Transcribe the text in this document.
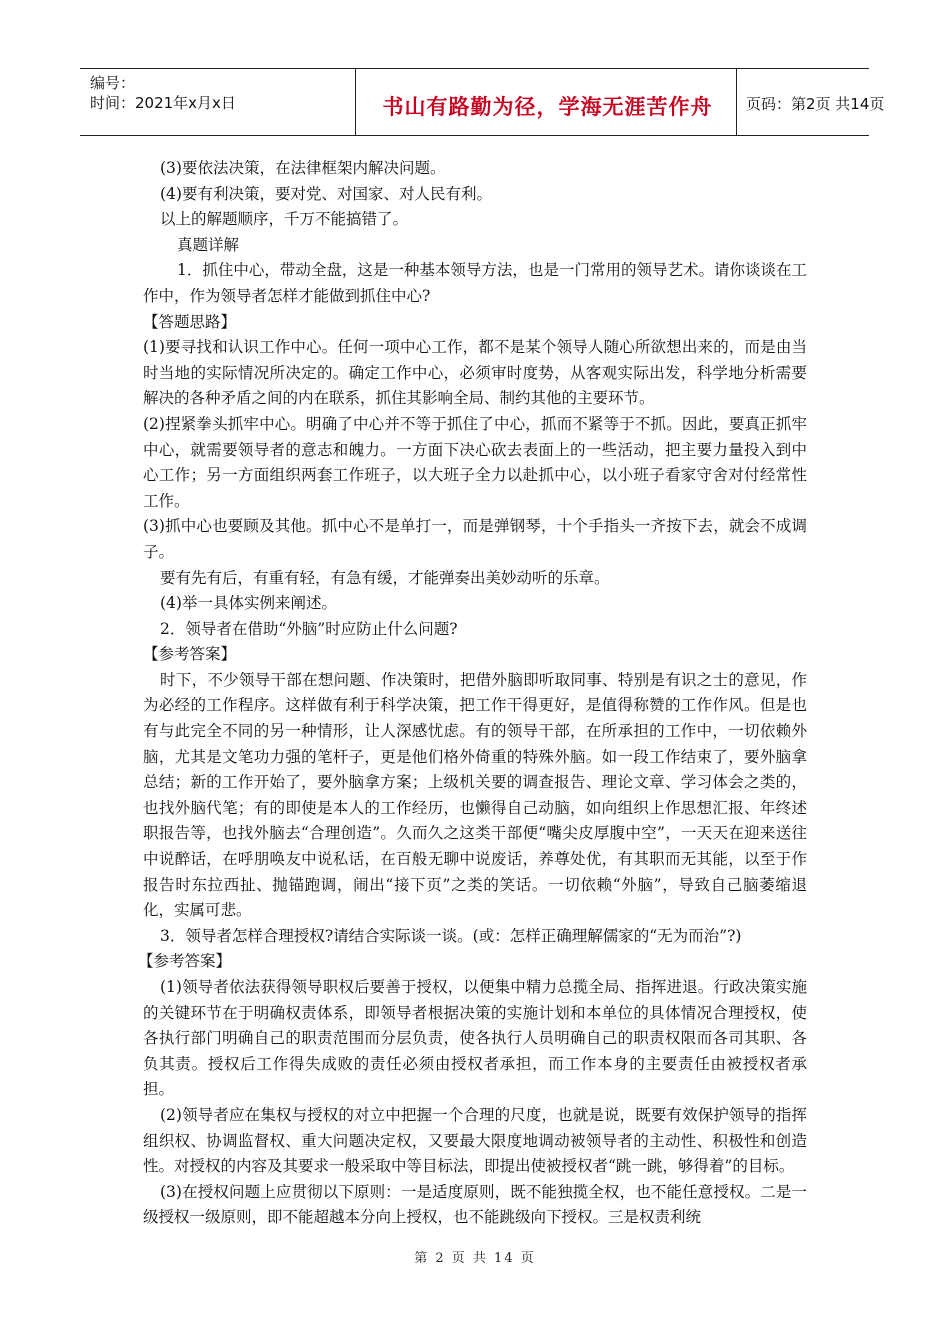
编号：
时间：2021年x月x日	书山有路勤为径，学海无涯苦作舟	页码：第2页 共14页

(3)要依法决策，在法律框架内解决问题。

(4)要有利决策，要对党、对国家、对人民有利。

以上的解题顺序，千万不能搞错了。

真题详解

1．抓住中心，带动全盘，这是一种基本领导方法，也是一门常用的领导艺术。请你谈谈在工作中，作为领导者怎样才能做到抓住中心?

【答题思路】

(1)要寻找和认识工作中心。任何一项中心工作，都不是某个领导人随心所欲想出来的，而是由当时当地的实际情况所决定的。确定工作中心，必须审时度势，从客观实际出发，科学地分析需要解决的各种矛盾之间的内在联系，抓住其影响全局、制约其他的主要环节。

(2)捏紧拳头抓牢中心。明确了中心并不等于抓住了中心，抓而不紧等于不抓。因此，要真正抓牢中心，就需要领导者的意志和魄力。一方面下决心砍去表面上的一些活动，把主要力量投入到中心工作；另一方面组织两套工作班子，以大班子全力以赴抓中心，以小班子看家守舍对付经常性工作。

(3)抓中心也要顾及其他。抓中心不是单打一，而是弹钢琴，十个手指头一齐按下去，就会不成调子。

要有先有后，有重有轻，有急有缓，才能弹奏出美妙动听的乐章。

(4)举一具体实例来阐述。

2．领导者在借助“外脑”时应防止什么问题?

【参考答案】

时下，不少领导干部在想问题、作决策时，把借外脑即听取同事、特别是有识之士的意见，作为必经的工作程序。这样做有利于科学决策，把工作干得更好，是值得称赞的工作作风。但是也有与此完全不同的另一种情形，让人深感忧虑。有的领导干部，在所承担的工作中，一切依赖外脑，尤其是文笔功力强的笔杆子，更是他们格外倚重的特殊外脑。如一段工作结束了，要外脑拿总结；新的工作开始了，要外脑拿方案；上级机关要的调查报告、理论文章、学习体会之类的，也找外脑代笔；有的即使是本人的工作经历，也懒得自己动脑，如向组织上作思想汇报、年终述职报告等，也找外脑去“合理创造”。久而久之这类干部便“嘴尖皮厚腹中空”，一天天在迎来送往中说醉话，在呼朋唤友中说私话，在百般无聊中说废话，养尊处优，有其职而无其能，以至于作报告时东拉西扯、抛锚跑调，闹出“接下页”之类的笑话。一切依赖“外脑”，导致自己脑萎缩退化，实属可悲。

3．领导者怎样合理授权?请结合实际谈一谈。(或：怎样正确理解儒家的“无为而治”?)

【参考答案】

(1)领导者依法获得领导职权后要善于授权，以便集中精力总揽全局、指挥进退。行政决策实施的关键环节在于明确权责体系，即领导者根据决策的实施计划和本单位的具体情况合理授权，使各执行部门明确自己的职责范围而分层负责，使各执行人员明确自己的职责权限而各司其职、各负其责。授权后工作得失成败的责任必须由授权者承担，而工作本身的主要责任由被授权者承担。

(2)领导者应在集权与授权的对立中把握一个合理的尺度，也就是说，既要有效保护领导的指挥组织权、协调监督权、重大问题决定权，又要最大限度地调动被领导者的主动性、积极性和创造性。对授权的内容及其要求一般采取中等目标法，即提出使被授权者“跳一跳，够得着”的目标。

(3)在授权问题上应贯彻以下原则：一是适度原则，既不能独揽全权，也不能任意授权。二是一级授权一级原则，即不能超越本分向上授权，也不能跳级向下授权。三是权责利统

第 2 页 共 14 页
